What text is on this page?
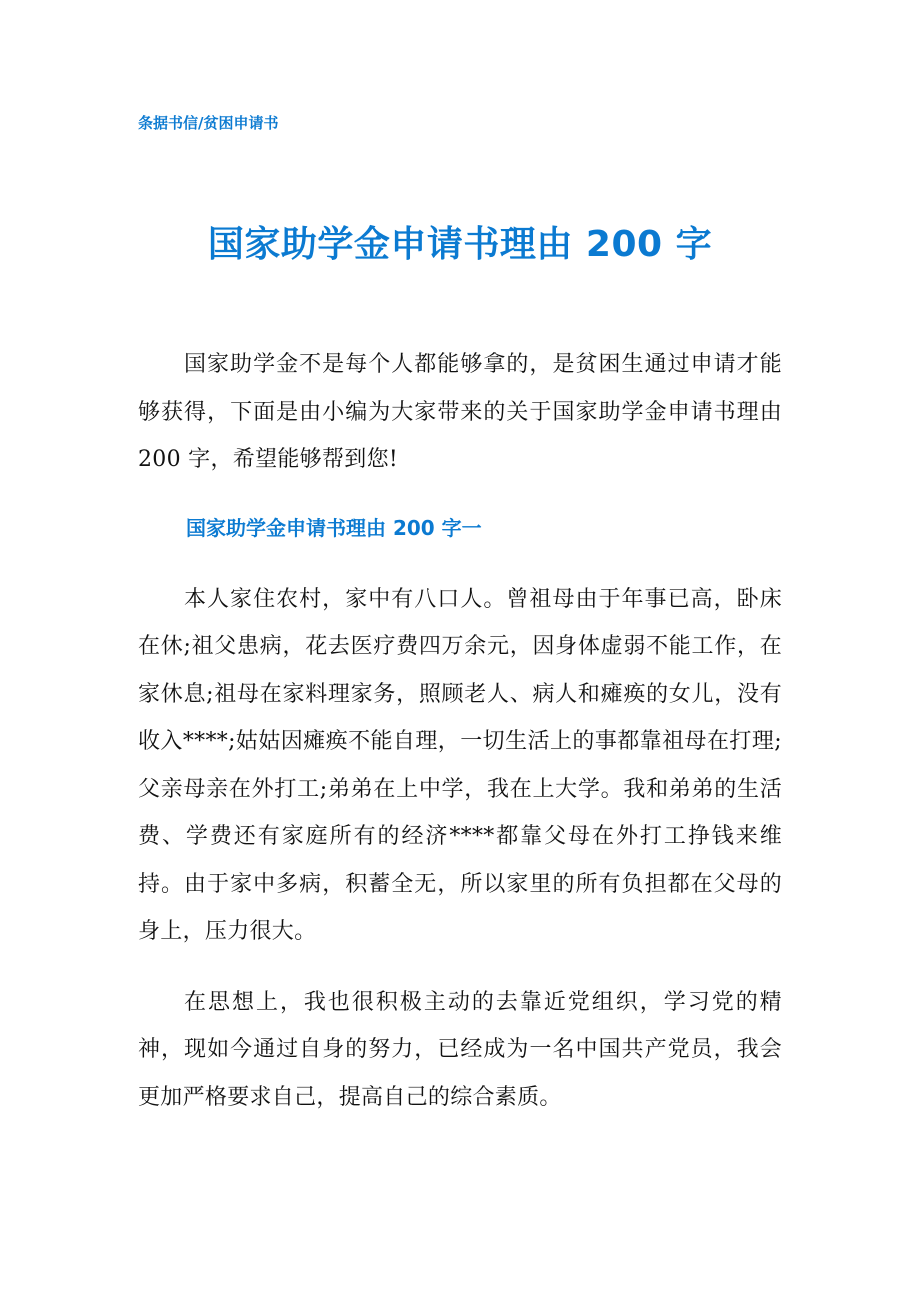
条据书信/贫困申请书
国家助学金申请书理由 200 字

国家助学金不是每个人都能够拿的，是贫困生通过申请才能够获得，下面是由小编为大家带来的关于国家助学金申请书理由 200 字，希望能够帮到您!

国家助学金申请书理由 200 字一

本人家住农村，家中有八口人。曾祖母由于年事已高，卧床在休;祖父患病，花去医疗费四万余元，因身体虚弱不能工作，在家休息;祖母在家料理家务，照顾老人、病人和瘫痪的女儿，没有收入****;姑姑因瘫痪不能自理，一切生活上的事都靠祖母在打理;父亲母亲在外打工;弟弟在上中学，我在上大学。我和弟弟的生活费、学费还有家庭所有的经济****都靠父母在外打工挣钱来维持。由于家中多病，积蓄全无，所以家里的所有负担都在父母的身上，压力很大。

在思想上，我也很积极主动的去靠近党组织，学习党的精神，现如今通过自身的努力，已经成为一名中国共产党员，我会更加严格要求自己，提高自己的综合素质。
